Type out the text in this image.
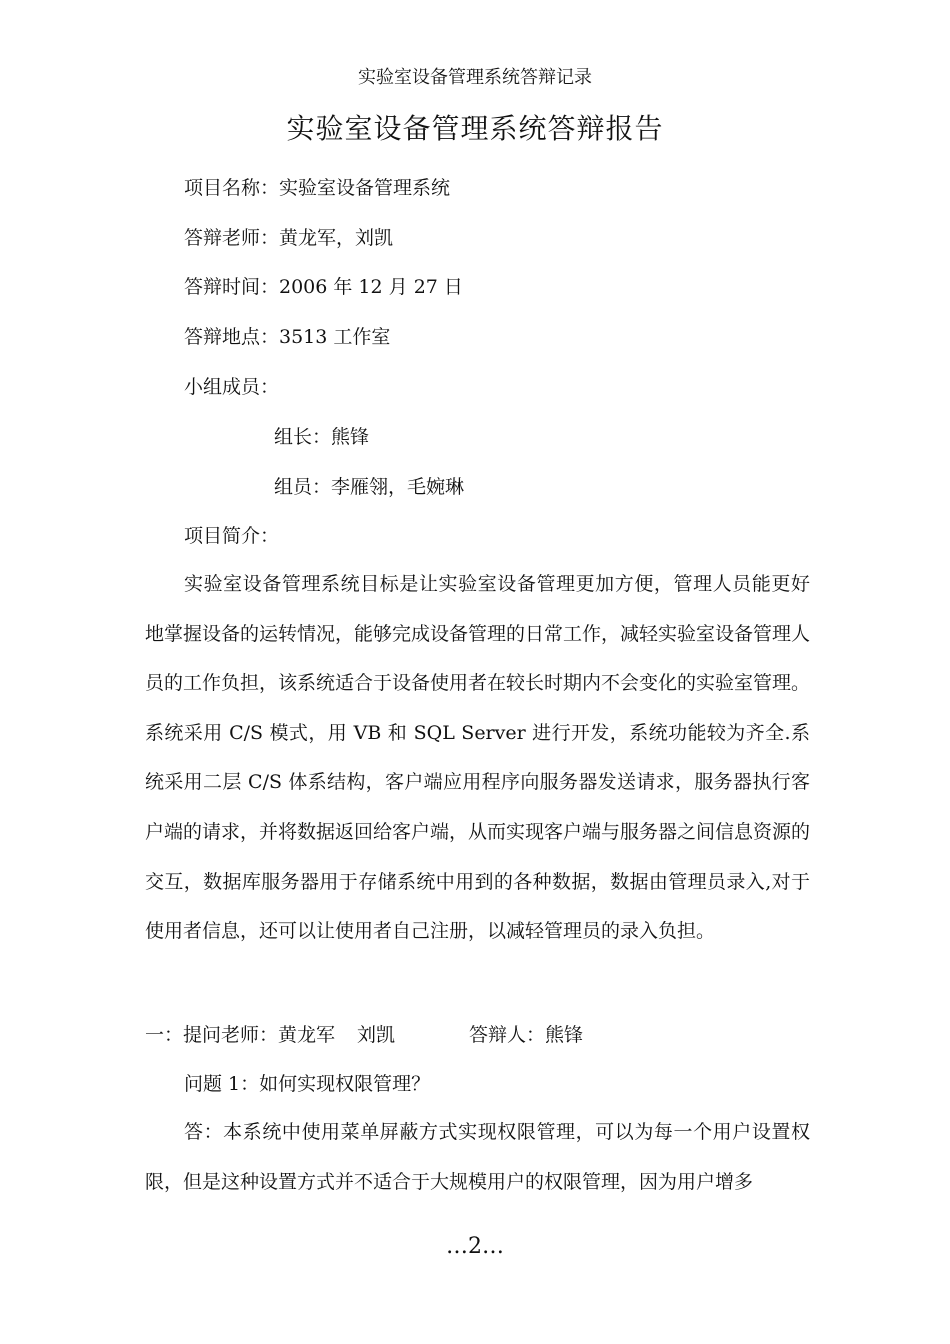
实验室设备管理系统答辩记录
实验室设备管理系统答辩报告
项目名称：实验室设备管理系统
答辩老师：黄龙军，刘凯
答辩时间：2006 年 12 月 27 日
答辩地点：3513 工作室
小组成员：
组长：熊锋
组员：李雁翎，毛婉琳
项目简介：
实验室设备管理系统目标是让实验室设备管理更加方便，管理人员能更好地掌握设备的运转情况，能够完成设备管理的日常工作，减轻实验室设备管理人员的工作负担，该系统适合于设备使用者在较长时期内不会变化的实验室管理。系统采用 C/S 模式，用 VB 和 SQL Server 进行开发，系统功能较为齐全.系统采用二层 C/S 体系结构，客户端应用程序向服务器发送请求，服务器执行客户端的请求，并将数据返回给客户端，从而实现客户端与服务器之间信息资源的交互，数据库服务器用于存储系统中用到的各种数据，数据由管理员录入,对于使用者信息，还可以让使用者自己注册，以减轻管理员的录入负担。
一：提问老师：黄龙军 刘凯	答辩人：熊锋
问题 1：如何实现权限管理？
答：本系统中使用菜单屏蔽方式实现权限管理，可以为每一个用户设置权限，但是这种设置方式并不适合于大规模用户的权限管理，因为用户增多
…2…
